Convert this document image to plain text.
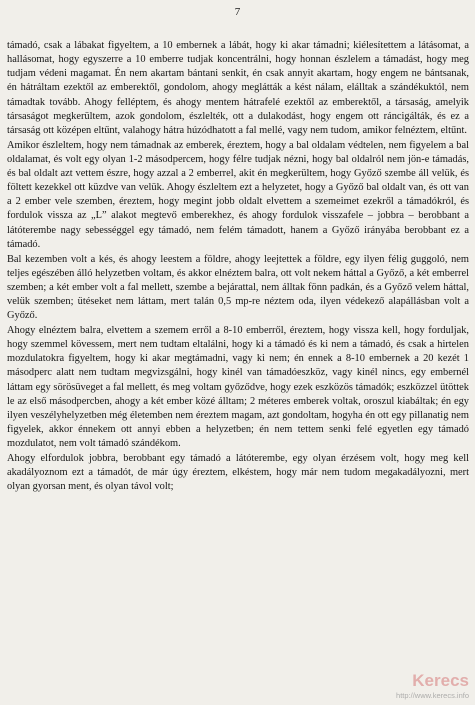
7

támadó, csak a lábakat figyeltem, a 10 embernek a lábát, hogy ki akar támadni; kiélesítettem a látásomat, a hallásomat, hogy egyszerre a 10 emberre tudjak koncentrálni, hogy honnan észlelem a támadást, hogy meg tudjam védeni magamat. Én nem akartam bántani senkit, én csak annyit akartam, hogy engem ne bántsanak, én hátráltam ezektől az emberektől, gondolom, ahogy meglátták a kést nálam, elálltak a szándékuktól, nem támadtak tovább. Ahogy felléptem, és ahogy mentem hátrafelé ezektől az emberektől, a társaság, amelyik társaságot megkerültem, azok gondolom, észlelték, ott a dulakodást, hogy engem ott ráncigálták, és ez a társaság ott középen eltűnt, valahogy hátra húzódhatott a fal mellé, vagy nem tudom, amikor felnéztem, eltűnt.

Amikor észleltem, hogy nem támadnak az emberek, éreztem, hogy a bal oldalam védtelen, nem figyelem a bal oldalamat, és volt egy olyan 1-2 másodpercem, hogy félre tudjak nézni, hogy bal oldalról nem jön-e támadás, és bal oldalt azt vettem észre, hogy azzal a 2 emberrel, akit én megkerültem, hogy Győző szembe áll velük, és föltett kezekkel ott küzdve van velük. Ahogy észleltem ezt a helyzetet, hogy a Győző bal oldalt van, és ott van a 2 ember vele szemben, éreztem, hogy megint jobb oldalt elvettem a szemeimet ezekről a támadókról, és fordulok vissza az „L” alakot megtevő emberekhez, és ahogy fordulok visszafele – jobbra – berobbant a látóterembe nagy sebességgel egy támadó, nem felém támadott, hanem a Győző irányába berobbant ez a támadó.

Bal kezemben volt a kés, és ahogy leestem a földre, ahogy leejtettek a földre, egy ilyen félig guggoló, nem teljes egészében álló helyzetben voltam, és akkor elnéztem balra, ott volt nekem háttal a Győző, a két emberrel szemben; a két ember volt a fal mellett, szembe a bejárattal, nem álltak fönn padkán, és a Győző velem háttal, velük szemben; ütéseket nem láttam, mert talán 0,5 mp-re néztem oda, ilyen védekező alapállásban volt a Győző.

Ahogy elnéztem balra, elvettem a szemem erről a 8-10 emberről, éreztem, hogy vissza kell, hogy forduljak, hogy szemmel kövessem, mert nem tudtam eltalálni, hogy ki a támadó és ki nem a támadó, és csak a hirtelen mozdulatokra figyeltem, hogy ki akar megtámadni, vagy ki nem; én ennek a 8-10 embernek a 20 kezét 1 másodperc alatt nem tudtam megvizsgálni, hogy kinél van támadóeszköz, vagy kinél nincs, egy embernél láttam egy sörösüveget a fal mellett, és meg voltam győződve, hogy ezek eszközös támadók; eszközzel ütöttek le az első másodpercben, ahogy a két ember közé álltam; 2 méteres emberek voltak, oroszul kiabáltak; én egy ilyen veszélyhelyzetben még életemben nem éreztem magam, azt gondoltam, hogyha én ott egy pillanatig nem figyelek, akkor énnekem ott annyi ebben a helyzetben; én nem tettem senki felé egyetlen egy támadó mozdulatot, nem volt támadó szándékom.

Ahogy elfordulok jobbra, berobbant egy támadó a látóterembe, egy olyan érzésem volt, hogy meg kell akadályoznom ezt a támadót, de már úgy éreztem, elkéstem, hogy már nem tudom megakadályozni, mert olyan gyorsan ment, és olyan távol volt;

Kerecs
http://www.kerecs.info
